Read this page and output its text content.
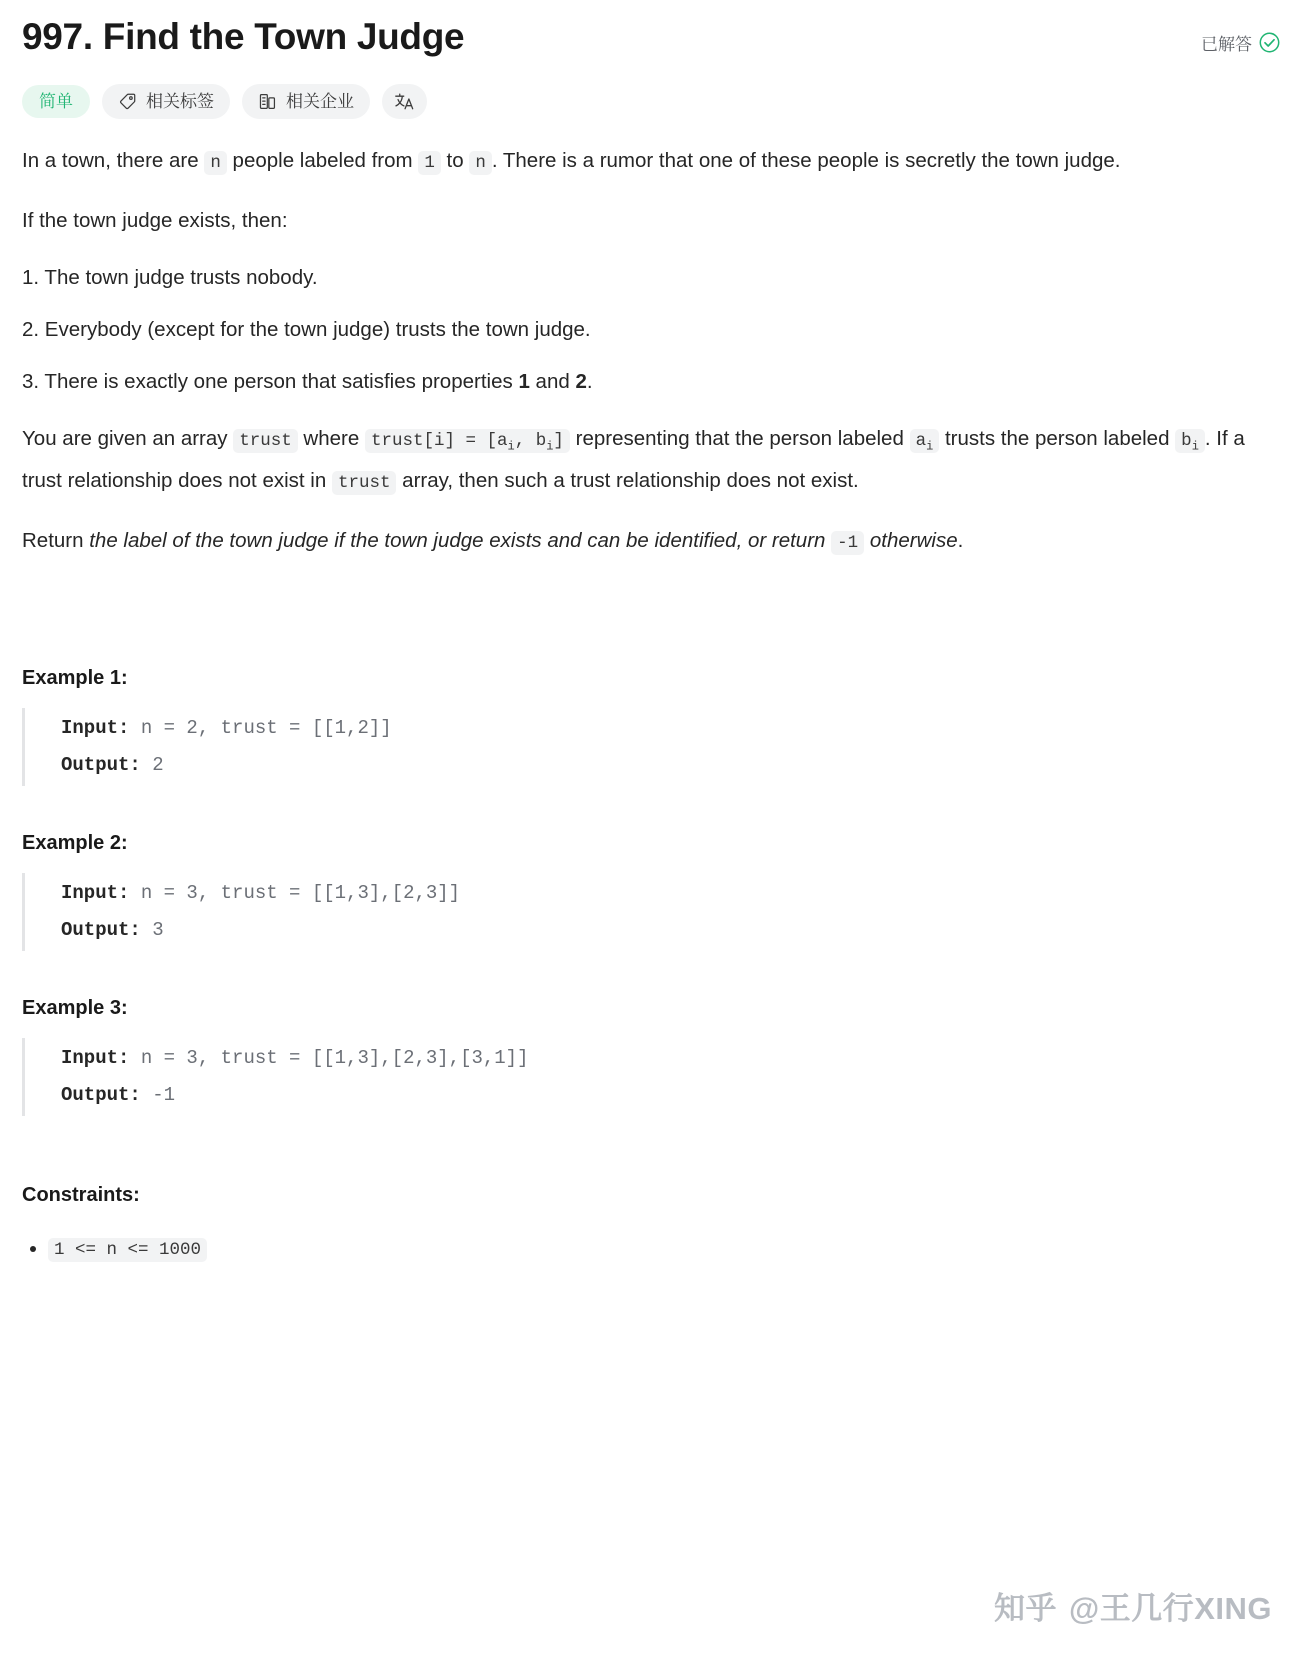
997. Find the Town Judge	已解答
简单	相关标签	相关企业

In a town, there are n people labeled from 1 to n . There is a rumor that one of these people is secretly the town judge.

If the town judge exists, then:

1. The town judge trusts nobody.

2. Everybody (except for the town judge) trusts the town judge.

3. There is exactly one person that satisfies properties 1 and 2.

You are given an array trust where trust[i] = [$a_i$, $b_i$] representing that the person labeled $a_i$ trusts the person labeled $b_i$ . If a trust relationship does not exist in trust array, then such a trust relationship does not exist.

Return the label of the town judge if the town judge exists and can be identified, or return -1 otherwise.

Example 1:
Input: n = 2, trust = [[1,2]]
Output: 2
Example 2:
Input: n = 3, trust = [[1,3],[2,3]]
Output: 3
Example 3:
Input: n = 3, trust = [[1,3],[2,3],[3,1]]
Output: -1
Constraints:
• 1 <= n <= 1000
知乎 @王几行XING
